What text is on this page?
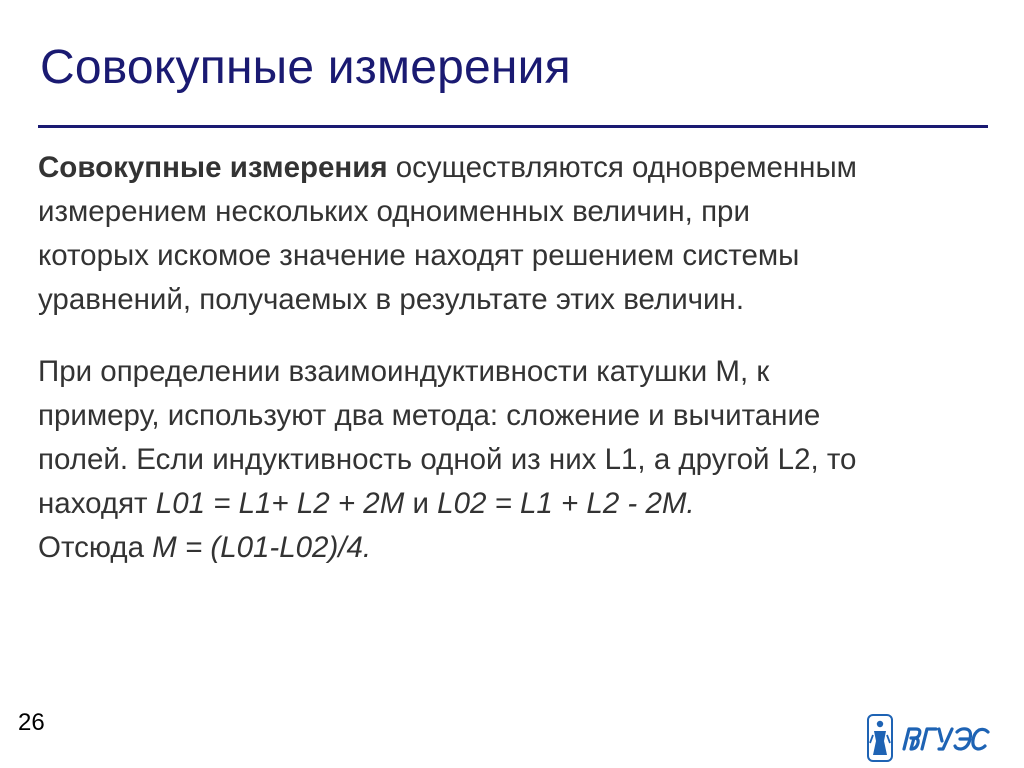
Совокупные измерения

Совокупные измерения осуществляются одновременным
измерением нескольких одноименных величин, при
которых искомое значение находят решением системы
уравнений, получаемых в результате этих величин.

При определении взаимоиндуктивности катушки М, к
примеру, используют два метода: сложение и вычитание
полей. Если индуктивность одной из них L1, а другой L2, то
находят L01 = L1+ L2 + 2M и L02 = L1 + L2 - 2M.
Отсюда M = (L01-L02)/4.

26
